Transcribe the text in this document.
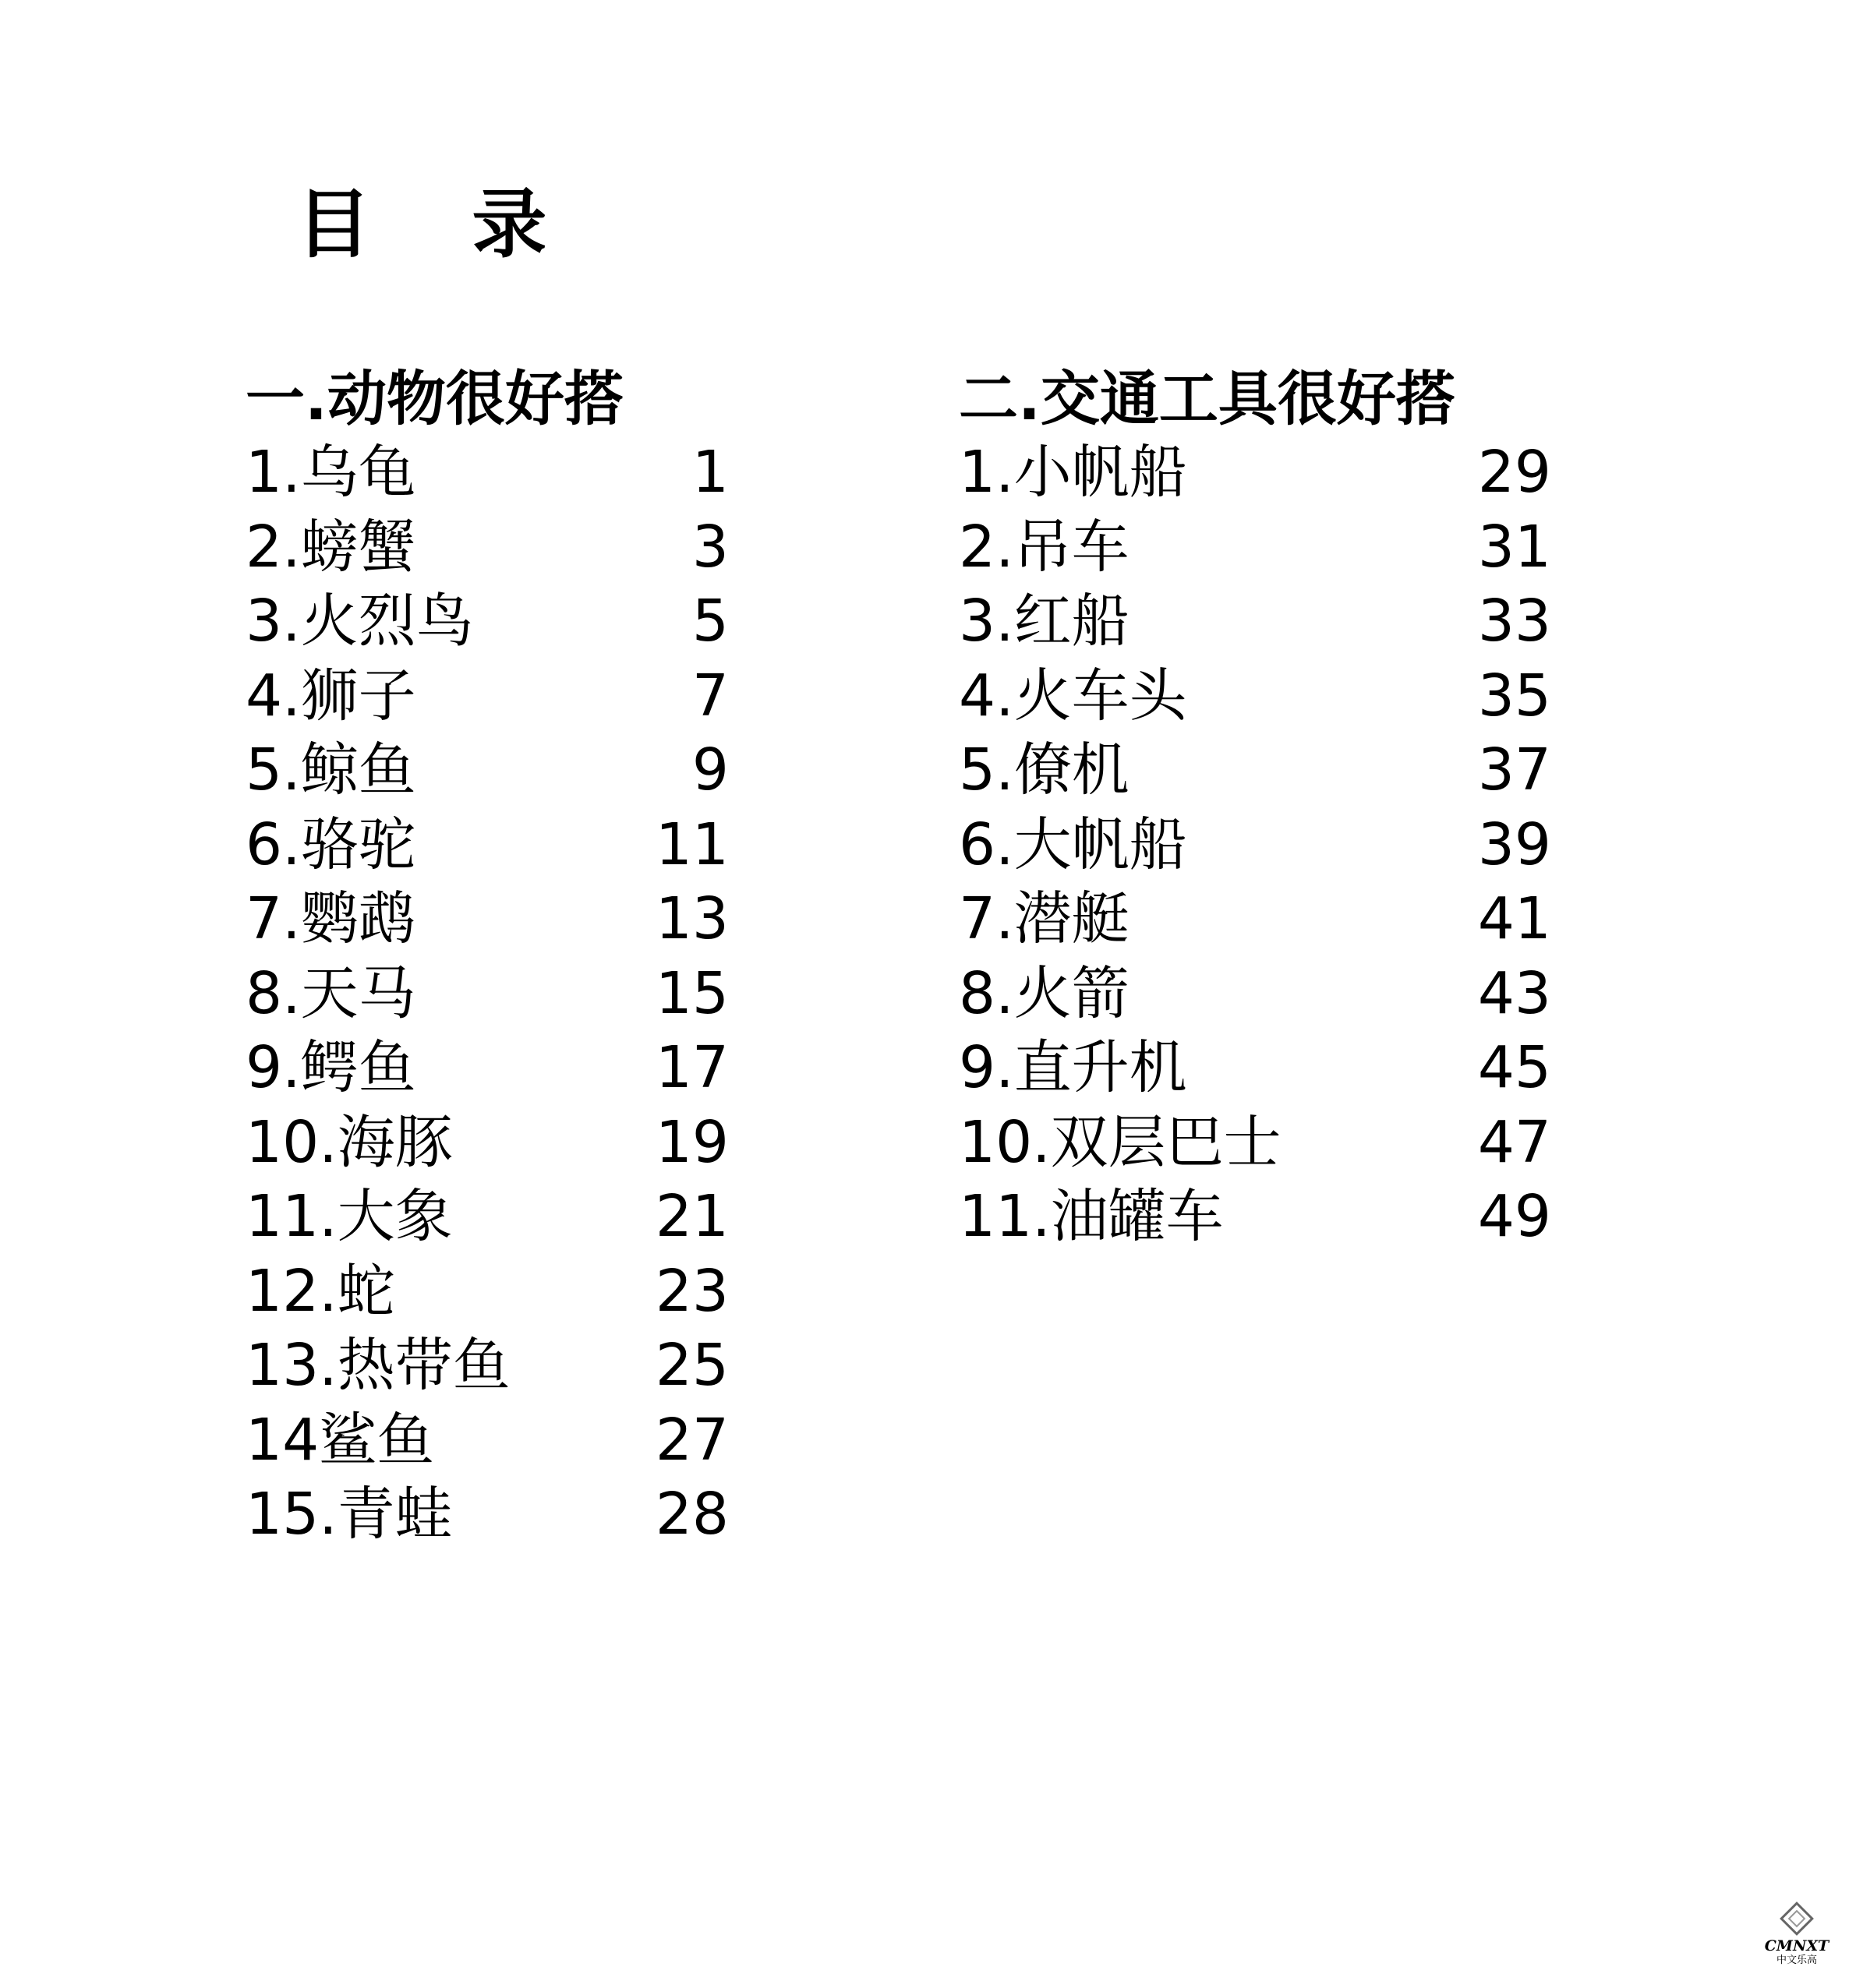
目 录
一.动物很好搭
1.乌龟	1
2.螃蟹	3
3.火烈鸟	5
4.狮子	7
5.鲸鱼	9
6.骆驼	11
7.鹦鹉	13
8.天马	15
9.鳄鱼	17
10.海豚	19
11.大象	21
12.蛇	23
13.热带鱼	25
14鲨鱼	27
15.青蛙	28
二.交通工具很好搭
1.小帆船	29
2.吊车	31
3.红船	33
4.火车头	35
5.僚机	37
6.大帆船	39
7.潜艇	41
8.火箭	43
9.直升机	45
10.双层巴士	47
11.油罐车	49
CMNXT
中文乐高
